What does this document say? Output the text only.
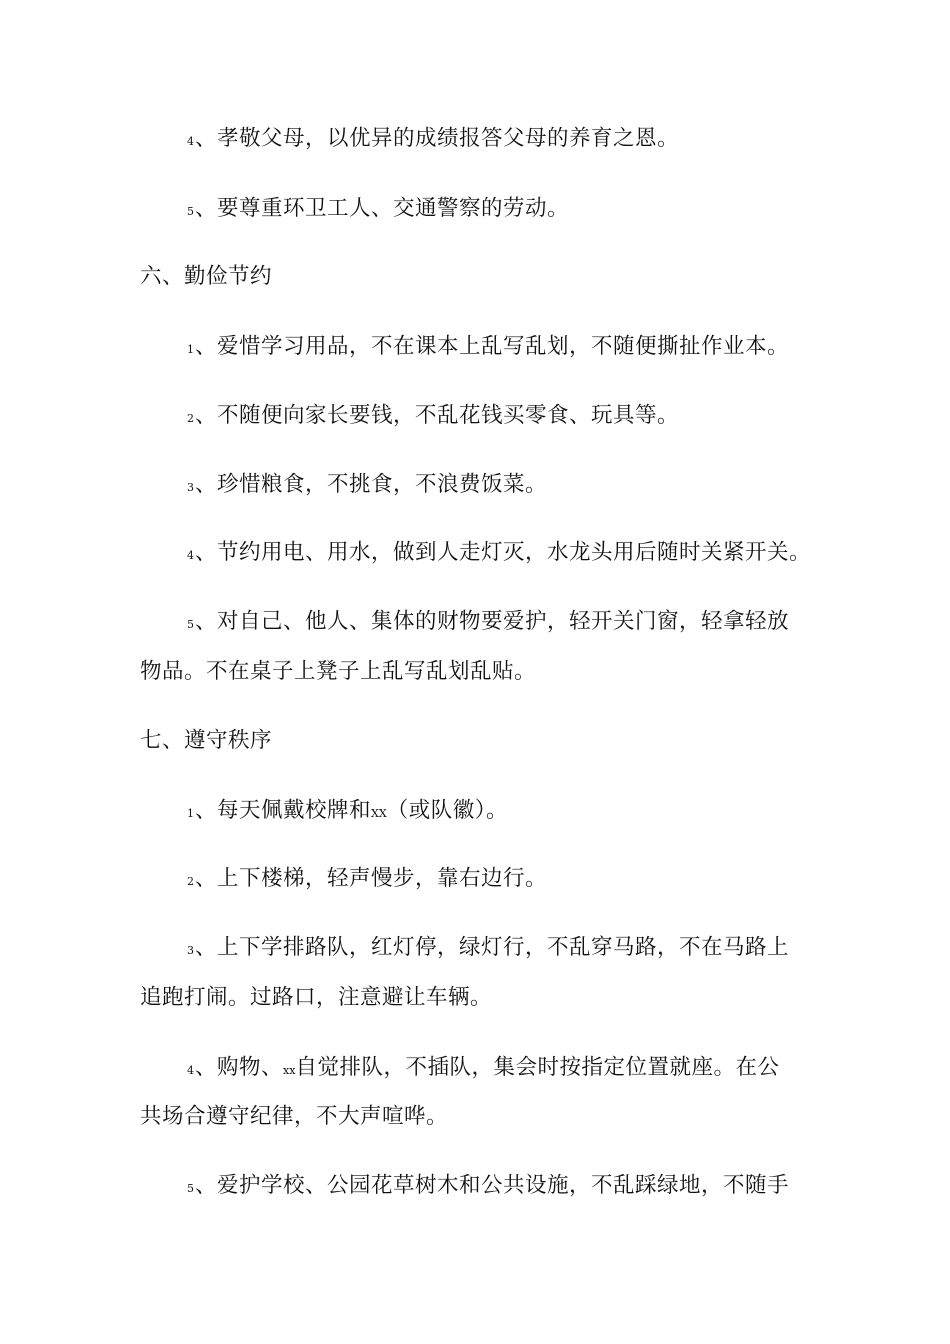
4、孝敬父母，以优异的成绩报答父母的养育之恩。
5、要尊重环卫工人、交通警察的劳动。
六、勤俭节约
1、爱惜学习用品，不在课本上乱写乱划，不随便撕扯作业本。
2、不随便向家长要钱，不乱花钱买零食、玩具等。
3、珍惜粮食，不挑食，不浪费饭菜。
4、节约用电、用水，做到人走灯灭，水龙头用后随时关紧开关。
5、对自己、他人、集体的财物要爱护，轻开关门窗，轻拿轻放
物品。不在桌子上凳子上乱写乱划乱贴。
七、遵守秩序
1、每天佩戴校牌和XX（或队徽）。
2、上下楼梯，轻声慢步，靠右边行。
3、上下学排路队，红灯停，绿灯行，不乱穿马路，不在马路上
追跑打闹。过路口，注意避让车辆。
4、购物、xx自觉排队，不插队，集会时按指定位置就座。在公
共场合遵守纪律，不大声喧哗。
5、爱护学校、公园花草树木和公共设施，不乱踩绿地，不随手
